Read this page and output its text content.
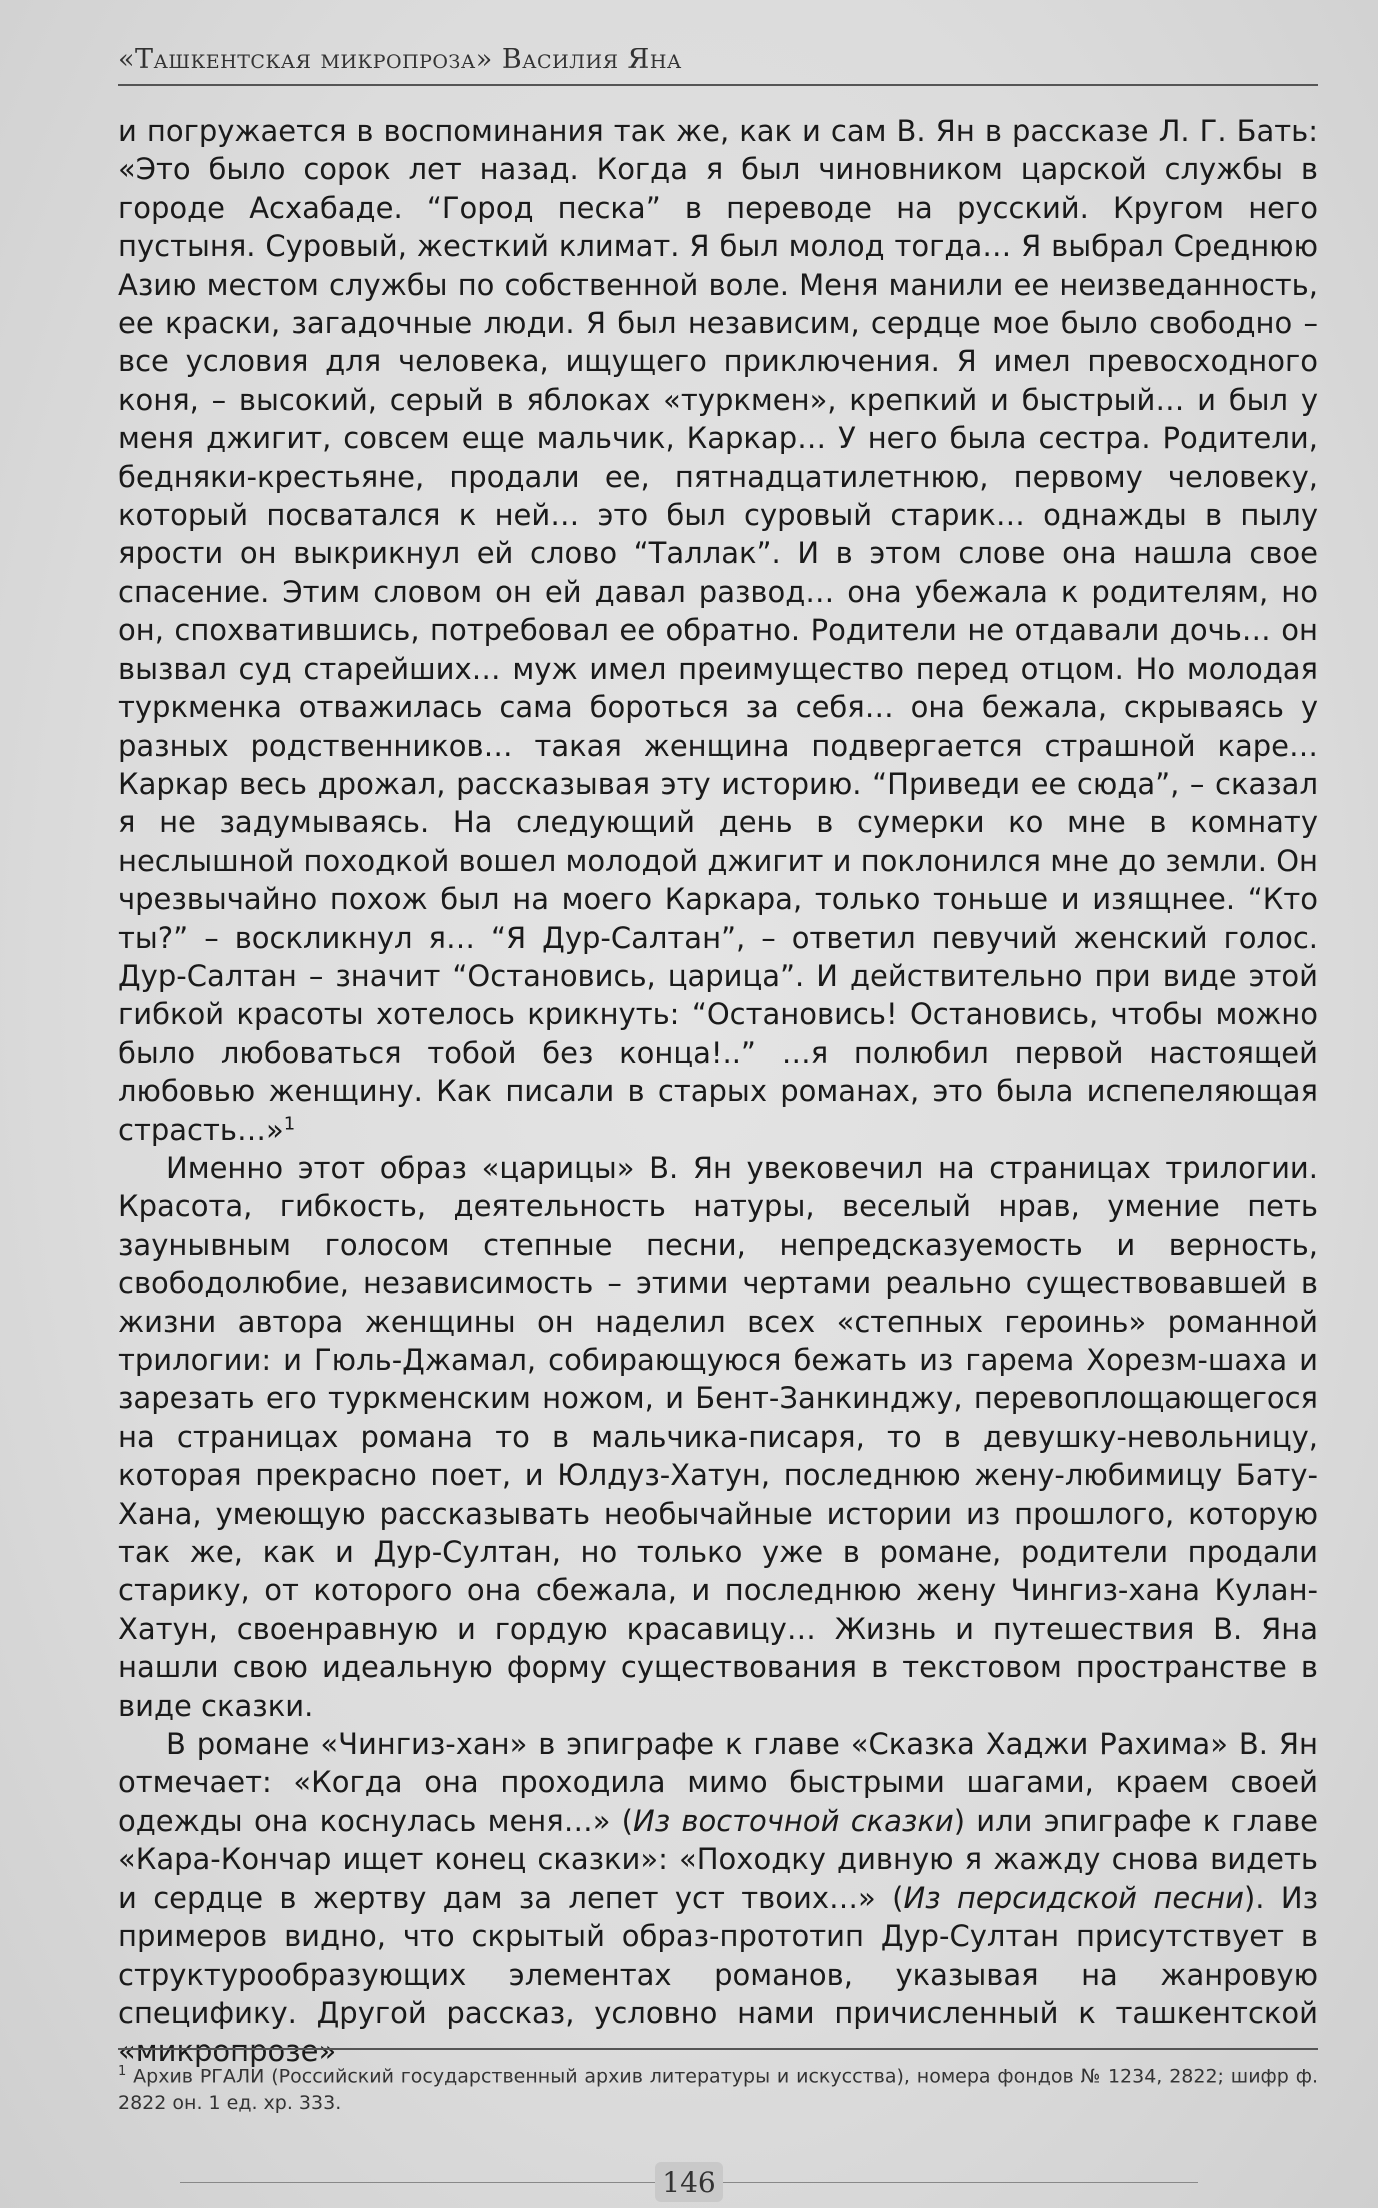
«Ташкентская микропроза» Василия Яна

и погружается в воспоминания так же, как и сам В. Ян в рассказе Л. Г. Бать: «Это было сорок лет назад. Когда я был чиновником царской службы в городе Асхабаде. “Город песка” в переводе на русский. Кругом него пустыня. Суровый, жесткий климат. Я был молод тогда… Я выбрал Среднюю Азию местом службы по собственной воле. Меня манили ее неизведанность, ее краски, загадочные люди. Я был независим, сердце мое было свободно – все условия для человека, ищущего приключения. Я имел превосходного коня, – высокий, серый в яблоках «туркмен», крепкий и быстрый… и был у меня джигит, совсем еще мальчик, Каркар… У него была сестра. Родители, бедняки-крестьяне, продали ее, пятнадцатилетнюю, первому человеку, который посватался к ней… это был суровый старик… однажды в пылу ярости он выкрикнул ей слово “Таллак”. И в этом слове она нашла свое спасение. Этим словом он ей давал развод… она убежала к родителям, но он, спохватившись, потребовал ее обратно. Родители не отдавали дочь… он вызвал суд старейших… муж имел преимущество перед отцом. Но молодая туркменка отважилась сама бороться за себя… она бежала, скрываясь у разных родственников… такая женщина подвергается страшной каре… Каркар весь дрожал, рассказывая эту историю. “Приведи ее сюда”, – сказал я не задумываясь. На следующий день в сумерки ко мне в комнату неслышной походкой вошел молодой джигит и поклонился мне до земли. Он чрезвычайно похож был на моего Каркара, только тоньше и изящнее. “Кто ты?” – воскликнул я… “Я Дур-Салтан”, – ответил певучий женский голос. Дур-Салтан – значит “Остановись, царица”. И действительно при виде этой гибкой красоты хотелось крикнуть: “Остановись! Остановись, чтобы можно было любоваться тобой без конца!..” …я полюбил первой настоящей любовью женщину. Как писали в старых романах, это была испепеляющая страсть…»$^1$

Именно этот образ «царицы» В. Ян увековечил на страницах трилогии. Красота, гибкость, деятельность натуры, веселый нрав, умение петь заунывным голосом степные песни, непредсказуемость и верность, свободолюбие, независимость – этими чертами реально существовавшей в жизни автора женщины он наделил всех «степных героинь» романной трилогии: и Гюль-Джамал, собирающуюся бежать из гарема Хорезм-шаха и зарезать его туркменским ножом, и Бент-Занкинджу, перевоплощающегося на страницах романа то в мальчика-писаря, то в девушку-невольницу, которая прекрасно поет, и Юлдуз-Хатун, последнюю жену-любимицу Бату-Хана, умеющую рассказывать необычайные истории из прошлого, которую так же, как и Дур-Султан, но только уже в романе, родители продали старику, от которого она сбежала, и последнюю жену Чингиз-хана Кулан-Хатун, своенравную и гордую красавицу… Жизнь и путешествия В. Яна нашли свою идеальную форму существования в текстовом пространстве в виде сказки.

В романе «Чингиз-хан» в эпиграфе к главе «Сказка Хаджи Рахима» В. Ян отмечает: «Когда она проходила мимо быстрыми шагами, краем своей одежды она коснулась меня…» (Из восточной сказки) или эпиграфе к главе «Кара-Кончар ищет конец сказки»: «Походку дивную я жажду снова видеть и сердце в жертву дам за лепет уст твоих…» (Из персидской песни). Из примеров видно, что скрытый образ-прототип Дур-Султан присутствует в структурообразующих элементах романов, указывая на жанровую специфику. Другой рассказ, условно нами причисленный к ташкентской «микропрозе»

$^1$ Архив РГАЛИ (Российский государственный архив литературы и искусства), номера фондов № 1234, 2822; шифр ф. 2822 он. 1 ед. хр. 333.
146
